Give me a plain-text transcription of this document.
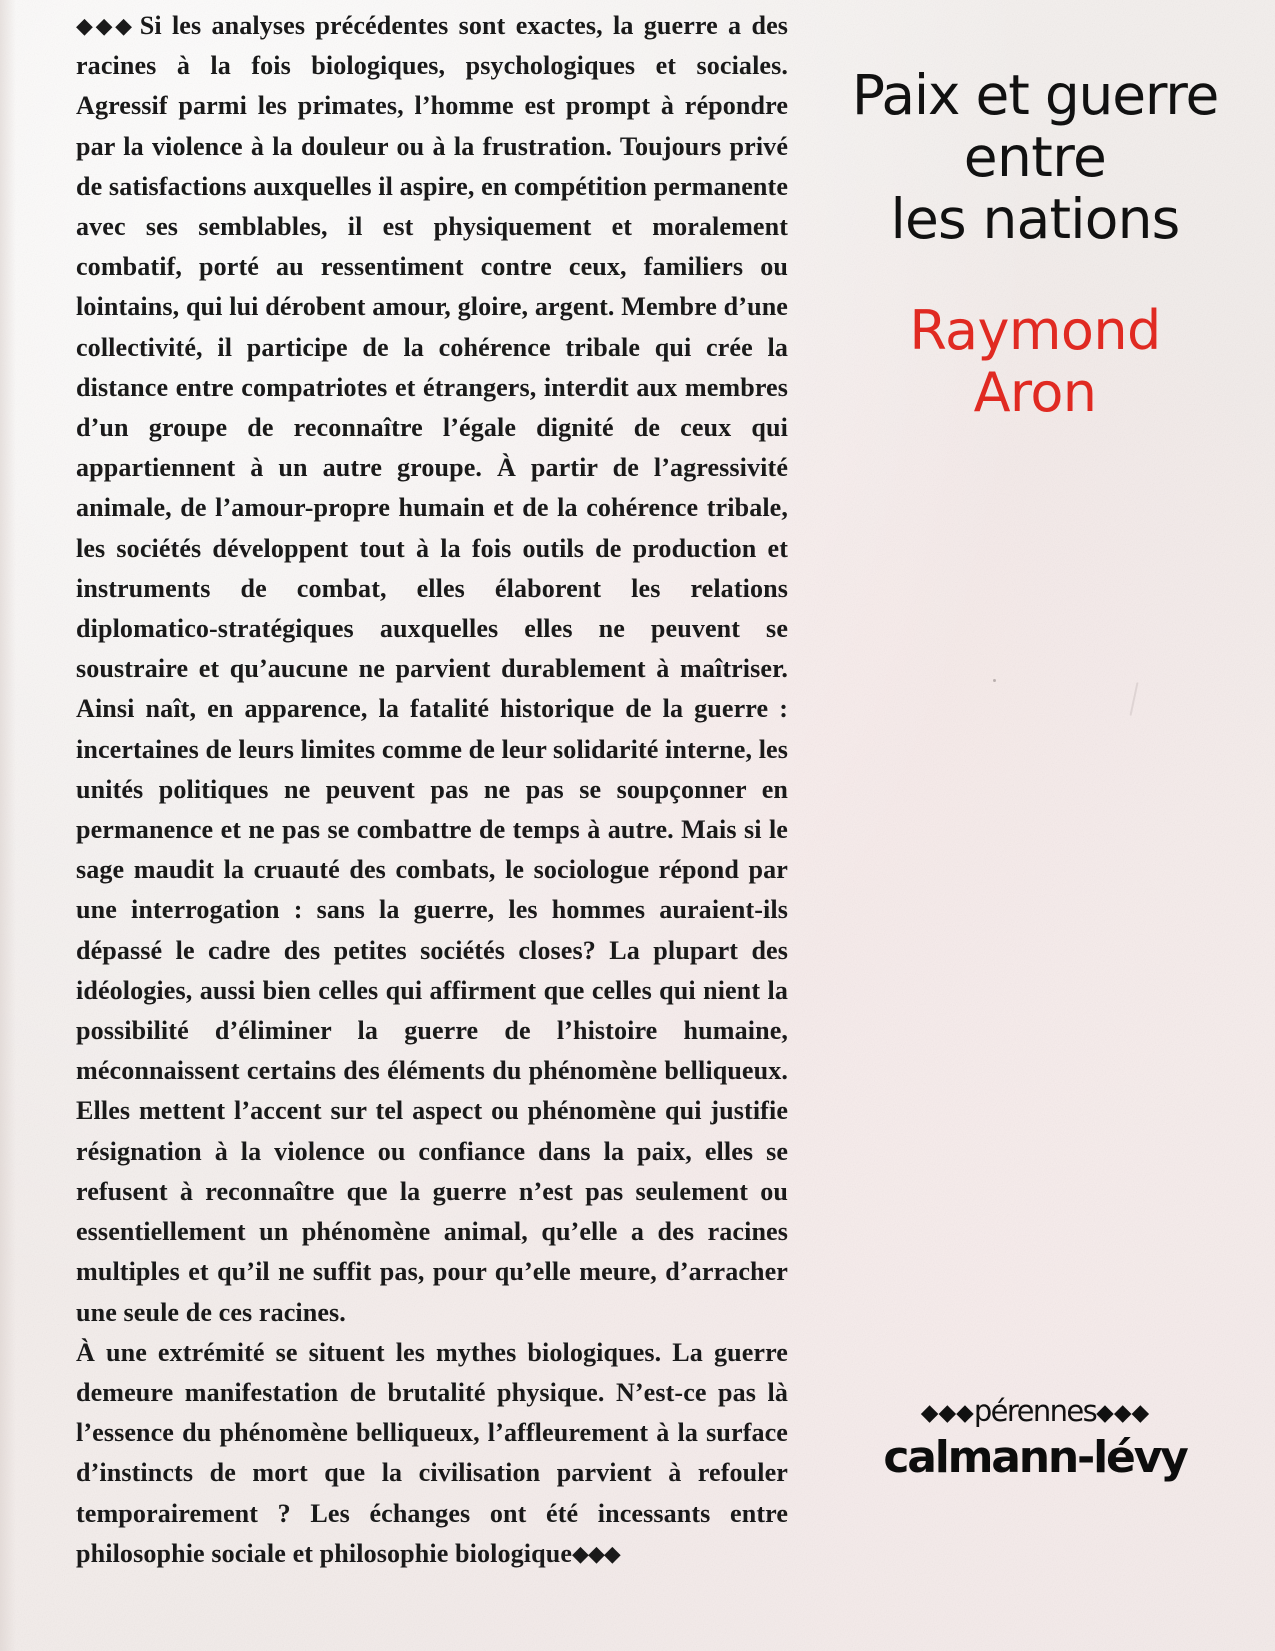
◆◆◆ Si les analyses précédentes sont exactes, la guerre a des racines à la fois biologiques, psychologiques et sociales. Agressif parmi les primates, l’homme est prompt à répondre par la violence à la douleur ou à la frustration. Toujours privé de satisfactions auxquelles il aspire, en compétition permanente avec ses semblables, il est physiquement et moralement combatif, porté au ressentiment contre ceux, familiers ou lointains, qui lui dérobent amour, gloire, argent. Membre d’une collectivité, il participe de la cohérence tribale qui crée la distance entre compatriotes et étrangers, interdit aux membres d’un groupe de reconnaître l’égale dignité de ceux qui appartiennent à un autre groupe. À partir de l’agressivité animale, de l’amour-propre humain et de la cohérence tribale, les sociétés développent tout à la fois outils de production et instruments de combat, elles élaborent les relations diplomatico-stratégiques auxquelles elles ne peuvent se soustraire et qu’aucune ne parvient durablement à maîtriser. Ainsi naît, en apparence, la fatalité historique de la guerre : incertaines de leurs limites comme de leur solidarité interne, les unités politiques ne peuvent pas ne pas se soupçonner en permanence et ne pas se combattre de temps à autre. Mais si le sage maudit la cruauté des combats, le sociologue répond par une interrogation : sans la guerre, les hommes auraient-ils dépassé le cadre des petites sociétés closes? La plupart des idéologies, aussi bien celles qui affirment que celles qui nient la possibilité d’éliminer la guerre de l’histoire humaine, méconnaissent certains des éléments du phénomène belliqueux. Elles mettent l’accent sur tel aspect ou phénomène qui justifie résignation à la violence ou confiance dans la paix, elles se refusent à reconnaître que la guerre n’est pas seulement ou essentiellement un phénomène animal, qu’elle a des racines multiples et qu’il ne suffit pas, pour qu’elle meure, d’arracher une seule de ces racines.

À une extrémité se situent les mythes biologiques. La guerre demeure manifestation de brutalité physique. N’est-ce pas là l’essence du phénomène belliqueux, l’affleurement à la surface d’instincts de mort que la civilisation parvient à refouler temporairement ? Les échanges ont été incessants entre philosophie sociale et philosophie biologique◆◆◆

Paix et guerre
entre
les nations
Raymond
Aron
◆◆◆pérennes◆◆◆
calmann-lévy
